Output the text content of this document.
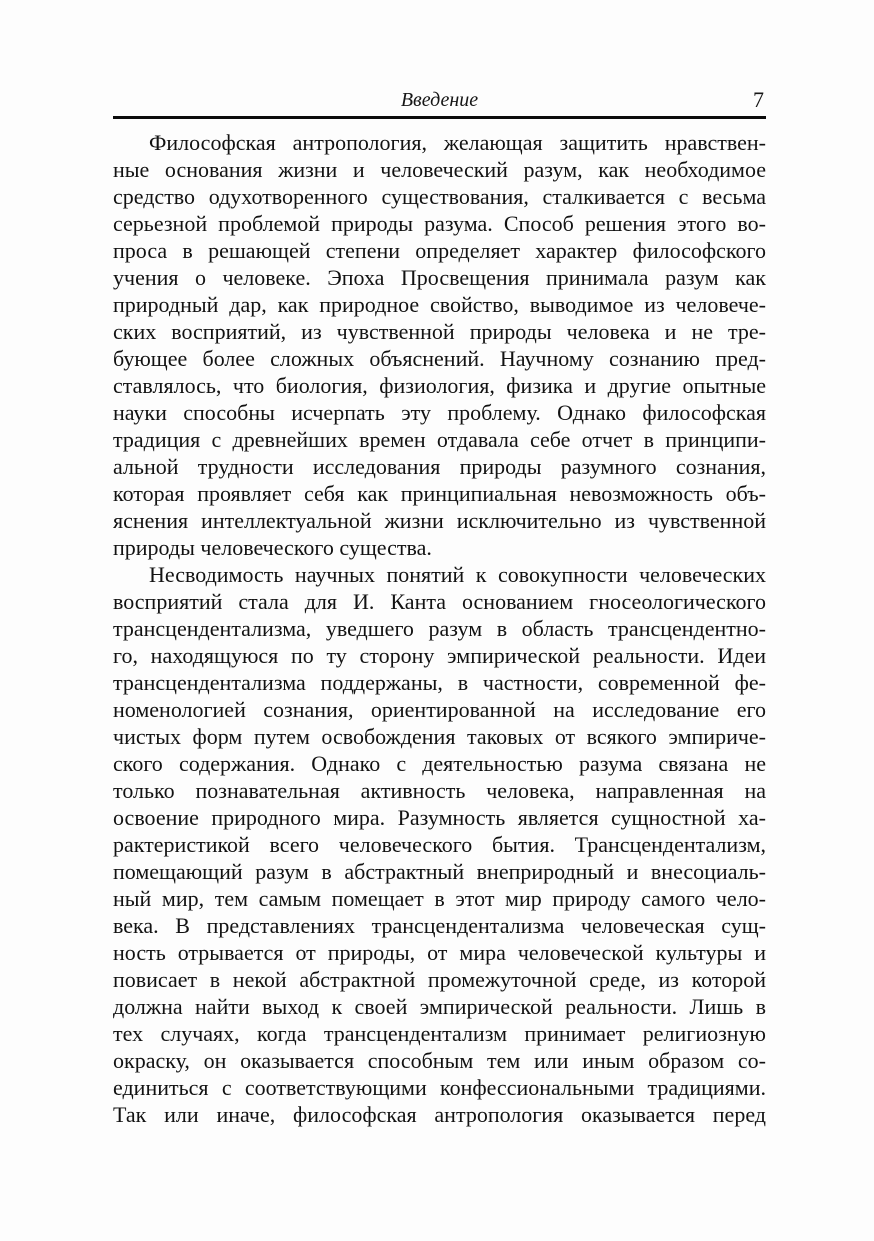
Введение	7
Философская антропология, желающая защитить нравствен-
ные основания жизни и человеческий разум, как необходимое
средство одухотворенного существования, сталкивается с весьма
серьезной проблемой природы разума. Способ решения этого во-
проса в решающей степени определяет характер философского
учения о человеке. Эпоха Просвещения принимала разум как
природный дар, как природное свойство, выводимое из человече-
ских восприятий, из чувственной природы человека и не тре-
бующее более сложных объяснений. Научному сознанию пред-
ставлялось, что биология, физиология, физика и другие опытные
науки способны исчерпать эту проблему. Однако философская
традиция с древнейших времен отдавала себе отчет в принципи-
альной трудности исследования природы разумного сознания,
которая проявляет себя как принципиальная невозможность объ-
яснения интеллектуальной жизни исключительно из чувственной
природы человеческого существа.
Несводимость научных понятий к совокупности человеческих
восприятий стала для И. Канта основанием гносеологического
трансцендентализма, уведшего разум в область трансцендентно-
го, находящуюся по ту сторону эмпирической реальности. Идеи
трансцендентализма поддержаны, в частности, современной фе-
номенологией сознания, ориентированной на исследование его
чистых форм путем освобождения таковых от всякого эмпириче-
ского содержания. Однако с деятельностью разума связана не
только познавательная активность человека, направленная на
освоение природного мира. Разумность является сущностной ха-
рактеристикой всего человеческого бытия. Трансцендентализм,
помещающий разум в абстрактный внеприродный и внесоциаль-
ный мир, тем самым помещает в этот мир природу самого чело-
века. В представлениях трансцендентализма человеческая сущ-
ность отрывается от природы, от мира человеческой культуры и
повисает в некой абстрактной промежуточной среде, из которой
должна найти выход к своей эмпирической реальности. Лишь в
тех случаях, когда трансцендентализм принимает религиозную
окраску, он оказывается способным тем или иным образом со-
единиться с соответствующими конфессиональными традициями.
Так или иначе, философская антропология оказывается перед
